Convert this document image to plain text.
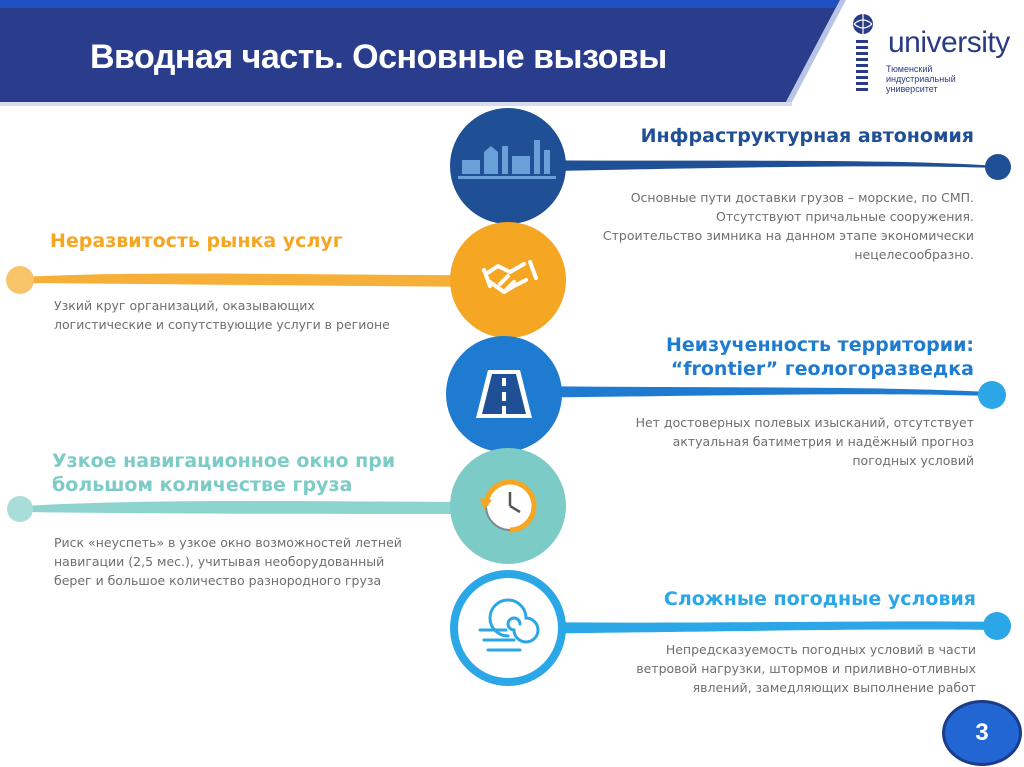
Вводная часть. Основные вызовы	university
Тюменский
индустриальный
университет
Инфраструктурная автономия
Основные пути доставки грузов – морские, по СМП.
Отсутствуют причальные сооружения.
Строительство зимника на данном этапе экономически
нецелесообразно.
Неразвитость рынка услуг
Узкий круг организаций, оказывающих
логистические и сопутствующие услуги в регионе
Неизученность территории:
“frontier” геологоразведка
Нет достоверных полевых изысканий, отсутствует
актуальная батиметрия и надёжный прогноз
погодных условий
Узкое навигационное окно при
большом количестве груза
Риск «неуспеть» в узкое окно возможностей летней
навигации (2,5 мес.), учитывая необорудованный
берег и большое количество разнородного груза
Сложные погодные условия
Непредсказуемость погодных условий в части
ветровой нагрузки, штормов и приливно-отливных
явлений, замедляющих выполнение работ
3
